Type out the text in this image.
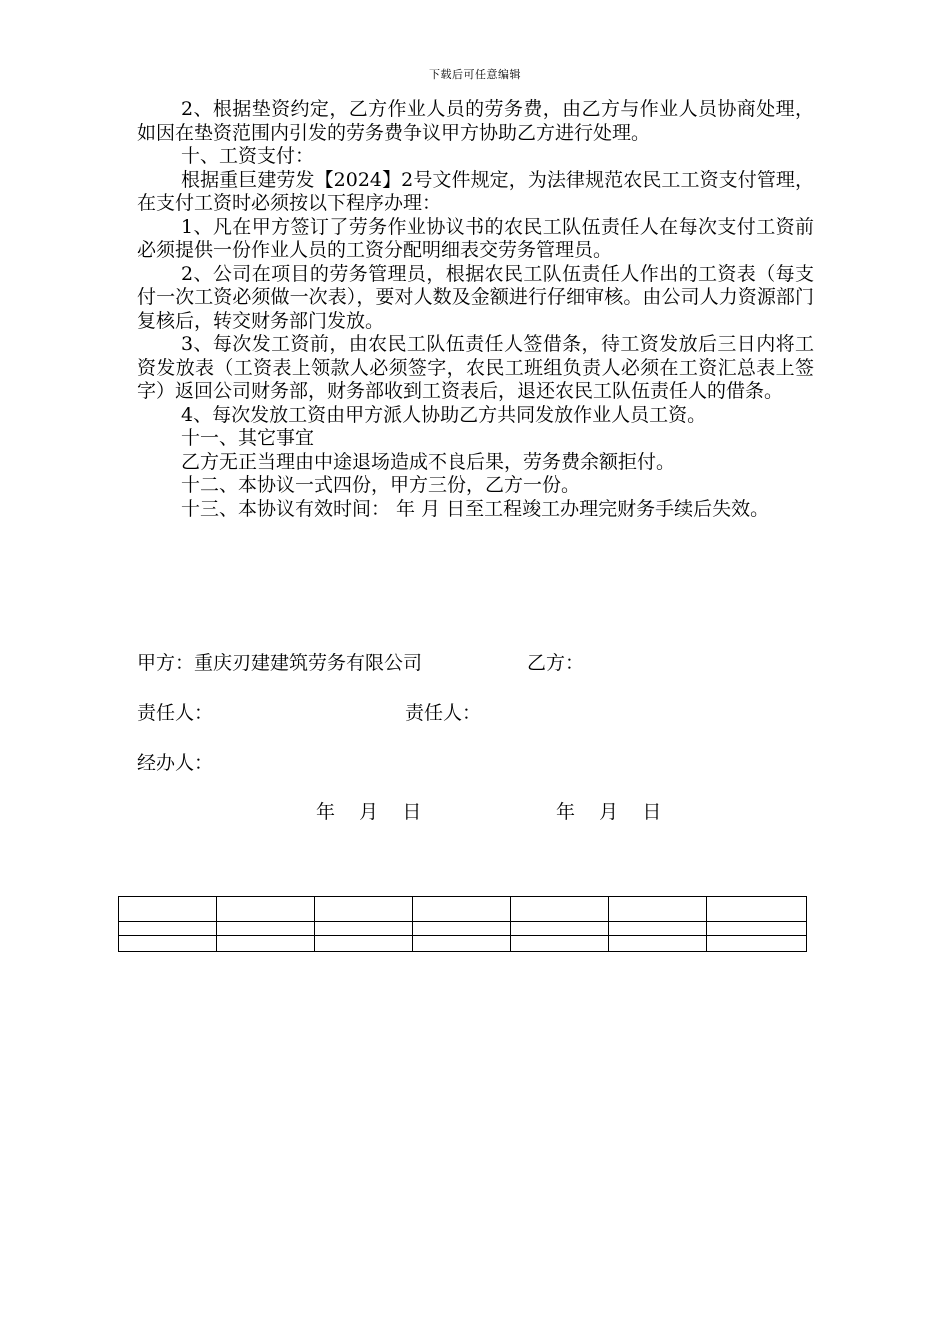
下载后可任意编辑

2、根据垫资约定，乙方作业人员的劳务费，由乙方与作业人员协商处理，如因在垫资范围内引发的劳务费争议甲方协助乙方进行处理。

十、工资支付：

根据重巨建劳发【2024】2号文件规定，为法律规范农民工工资支付管理，在支付工资时必须按以下程序办理：

1、凡在甲方签订了劳务作业协议书的农民工队伍责任人在每次支付工资前必须提供一份作业人员的工资分配明细表交劳务管理员。

2、公司在项目的劳务管理员，根据农民工队伍责任人作出的工资表（每支付一次工资必须做一次表），要对人数及金额进行仔细审核。由公司人力资源部门复核后，转交财务部门发放。

3、每次发工资前，由农民工队伍责任人签借条，待工资发放后三日内将工资发放表（工资表上领款人必须签字，农民工班组负责人必须在工资汇总表上签字）返回公司财务部，财务部收到工资表后，退还农民工队伍责任人的借条。

4、每次发放工资由甲方派人协助乙方共同发放作业人员工资。

十一、其它事宜

乙方无正当理由中途退场造成不良后果，劳务费余额拒付。

十二、本协议一式四份，甲方三份，乙方一份。

十三、本协议有效时间： 年 月 日至工程竣工办理完财务手续后失效。

甲方：重庆刃建建筑劳务有限公司	乙方：
责任人：	责任人：
经办人：
年    月    日	年    月    日
